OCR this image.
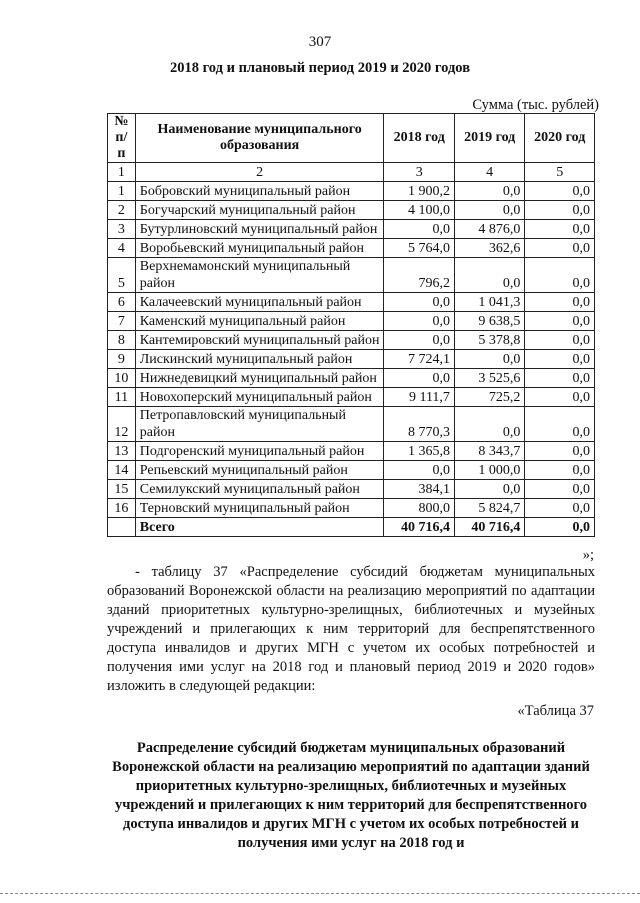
307
2018 год и плановый период 2019 и 2020 годов
Сумма (тыс. рублей)
№ п/п	Наименование муниципального образования	2018 год	2019 год	2020 год
1	2	3	4	5
1	Бобровский муниципальный район	1 900,2	0,0	0,0
2	Богучарский муниципальный район	4 100,0	0,0	0,0
3	Бутурлиновский муниципальный район	0,0	4 876,0	0,0
4	Воробьевский муниципальный район	5 764,0	362,6	0,0
5	Верхнемамонский муниципальный район	796,2	0,0	0,0
6	Калачеевский муниципальный район	0,0	1 041,3	0,0
7	Каменский муниципальный район	0,0	9 638,5	0,0
8	Кантемировский муниципальный район	0,0	5 378,8	0,0
9	Лискинский муниципальный район	7 724,1	0,0	0,0
10	Нижнедевицкий муниципальный район	0,0	3 525,6	0,0
11	Новохоперский муниципальный район	9 111,7	725,2	0,0
12	Петропавловский муниципальный район	8 770,3	0,0	0,0
13	Подгоренский муниципальный район	1 365,8	8 343,7	0,0
14	Репьевский муниципальный район	0,0	1 000,0	0,0
15	Семилукский муниципальный район	384,1	0,0	0,0
16	Терновский муниципальный район	800,0	5 824,7	0,0
	Всего	40 716,4	40 716,4	0,0
»;
- таблицу 37 «Распределение субсидий бюджетам муниципальных образований Воронежской области на реализацию мероприятий по адаптации зданий приоритетных культурно-зрелищных, библиотечных и музейных учреждений и прилегающих к ним территорий для беспрепятственного доступа инвалидов и других МГН с учетом их особых потребностей и получения ими услуг на 2018 год и плановый период 2019 и 2020 годов» изложить в следующей редакции:
«Таблица 37
Распределение субсидий бюджетам муниципальных образований Воронежской области на реализацию мероприятий по адаптации зданий приоритетных культурно-зрелищных, библиотечных и музейных учреждений и прилегающих к ним территорий для беспрепятственного доступа инвалидов и других МГН с учетом их особых потребностей и получения ими услуг на 2018 год и
